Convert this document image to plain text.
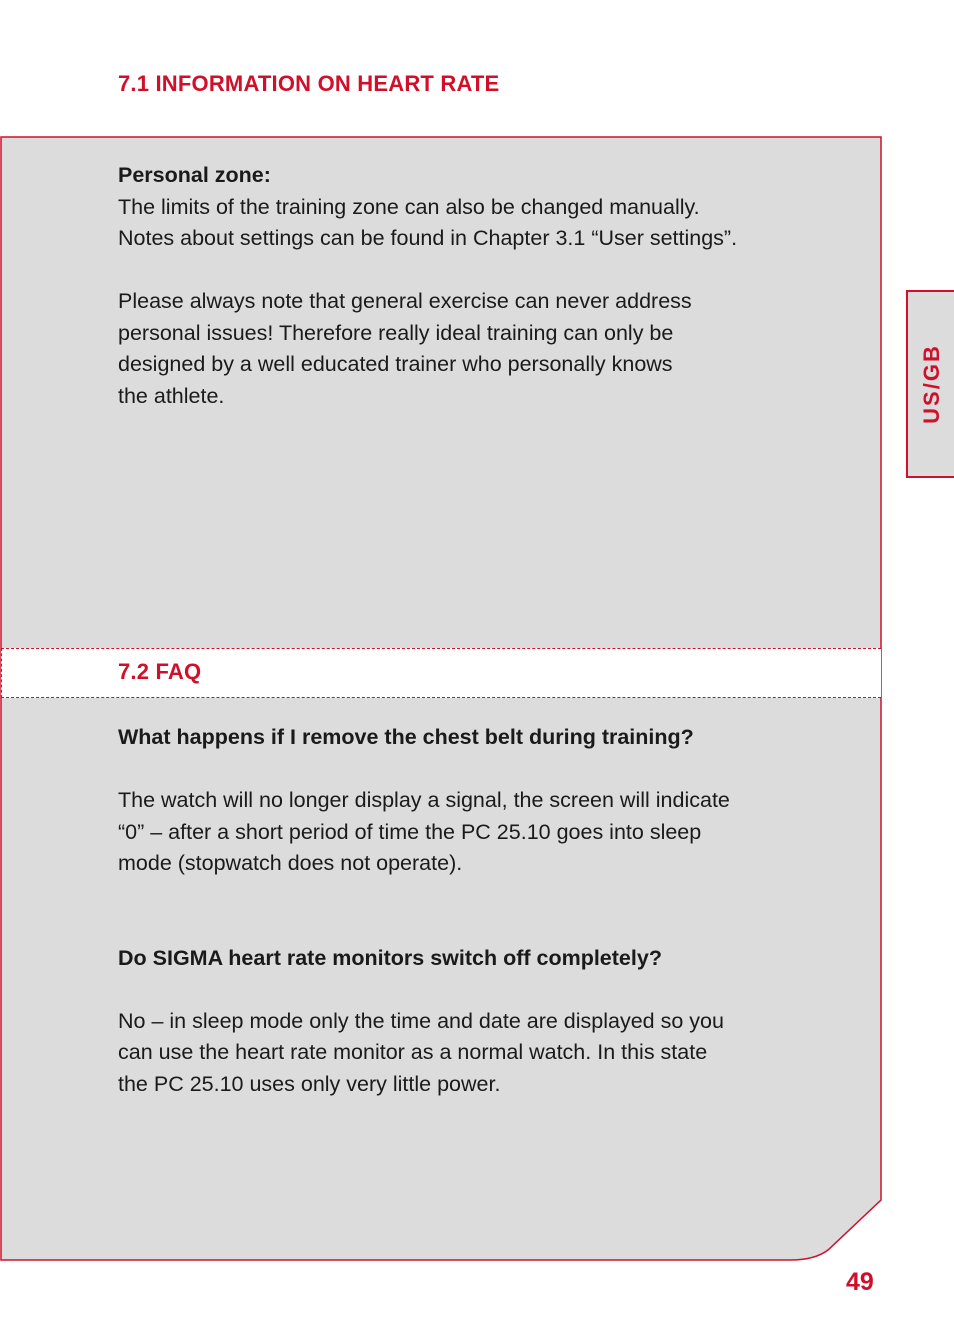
7.1 INFORMATION ON HEART RATE

Personal zone:

The limits of the training zone can also be changed manually.
Notes about settings can be found in Chapter 3.1 “User settings”.

Please always note that general exercise can never address
personal issues! Therefore really ideal training can only be
designed by a well educated trainer who personally knows
the athlete.

7.2 FAQ

What happens if I remove the chest belt during training?

The watch will no longer display a signal, the screen will indicate
“0” – after a short period of time the PC 25.10 goes into sleep
mode (stopwatch does not operate).

Do SIGMA heart rate monitors switch off completely?

No – in sleep mode only the time and date are displayed so you
can use the heart rate monitor as a normal watch. In this state
the PC 25.10 uses only very little power.

US/GB
49
